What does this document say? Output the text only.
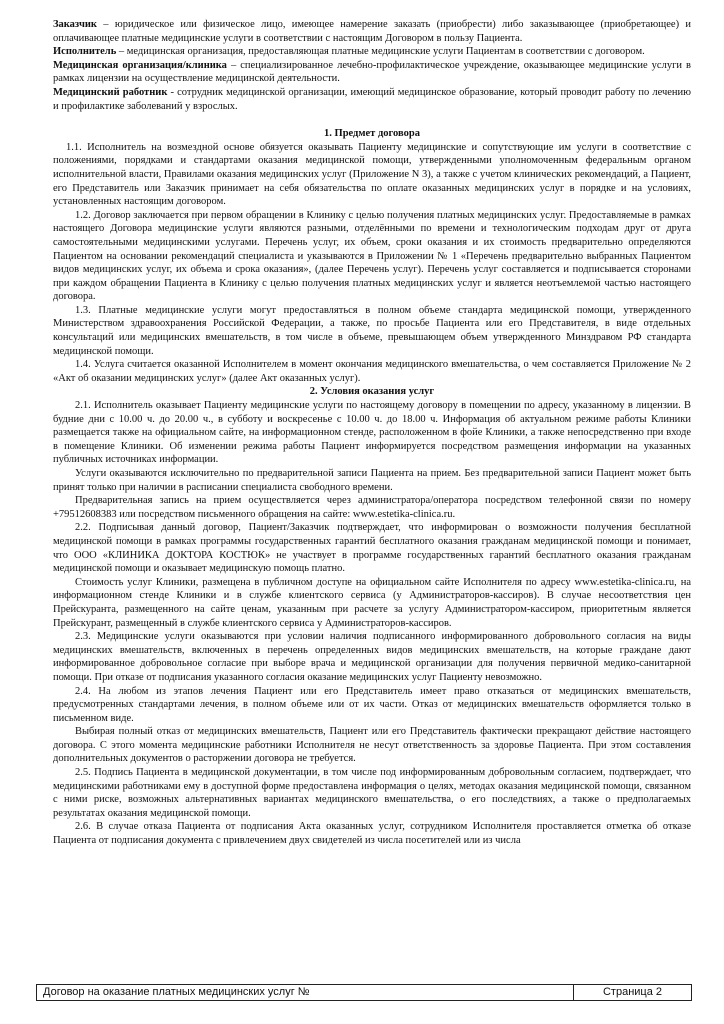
Заказчик – юридическое или физическое лицо, имеющее намерение заказать (приобрести) либо заказывающее (приобретающее) и оплачивающее платные медицинские услуги в соответствии с настоящим Договором в пользу Пациента.

Исполнитель – медицинская организация, предоставляющая платные медицинские услуги Пациентам в соответствии с договором.

Медицинская организация/клиника – специализированное лечебно-профилактическое учреждение, оказывающее медицинские услуги в рамках лицензии на осуществление медицинской деятельности.

Медицинский работник - сотрудник медицинской организации, имеющий медицинское образование, который проводит работу по лечению и профилактике заболеваний у взрослых.

1. Предмет договора

1.1. Исполнитель на возмездной основе обязуется оказывать Пациенту медицинские и сопутствующие им услуги в соответствие с положениями, порядками и стандартами оказания медицинской помощи, утвержденными уполномоченным федеральным органом исполнительной власти, Правилами оказания медицинских услуг (Приложение N 3), а также с учетом клинических рекомендаций, а Пациент, его Представитель или Заказчик принимает на себя обязательства по оплате оказанных медицинских услуг в порядке и на условиях, установленных настоящим договором.

1.2. Договор заключается при первом обращении в Клинику с целью получения платных медицинских услуг. Предоставляемые в рамках настоящего Договора медицинские услуги являются разными, отделёнными по времени и технологическим подходам друг от друга самостоятельными медицинскими услугами. Перечень услуг, их объем, сроки оказания и их стоимость предварительно определяются Пациентом на основании рекомендаций специалиста и указываются в Приложении № 1 «Перечень предварительно выбранных Пациентом видов медицинских услуг, их объема и срока оказания», (далее Перечень услуг). Перечень услуг составляется и подписывается сторонами при каждом обращении Пациента в Клинику с целью получения платных медицинских услуг и является неотъемлемой частью настоящего договора.

1.3. Платные медицинские услуги могут предоставляться в полном объеме стандарта медицинской помощи, утвержденного Министерством здравоохранения Российской Федерации, а также, по просьбе Пациента или его Представителя, в виде отдельных консультаций или медицинских вмешательств, в том числе в объеме, превышающем объем утвержденного Минздравом РФ стандарта медицинской помощи.

1.4. Услуга считается оказанной Исполнителем в момент окончания медицинского вмешательства, о чем составляется Приложение № 2 «Акт об оказании медицинских услуг» (далее Акт оказанных услуг).

2. Условия оказания услуг

2.1. Исполнитель оказывает Пациенту медицинские услуги по настоящему договору в помещении по адресу, указанному в лицензии. В будние дни с 10.00 ч. до 20.00 ч., в субботу и воскресенье с 10.00 ч. до 18.00 ч. Информация об актуальном режиме работы Клиники размещается также на официальном сайте, на информационном стенде, расположенном в фойе Клиники, а также непосредственно при входе в помещение Клиники. Об изменении режима работы Пациент информируется посредством размещения информации на указанных публичных источниках информации.

Услуги оказываются исключительно по предварительной записи Пациента на прием. Без предварительной записи Пациент может быть принят только при наличии в расписании специалиста свободного времени.

Предварительная запись на прием осуществляется через администратора/оператора посредством телефонной связи по номеру +79512608383 или посредством письменного обращения на сайте: www.estetika-clinica.ru.

2.2. Подписывая данный договор, Пациент/Заказчик подтверждает, что информирован о возможности получения бесплатной медицинской помощи в рамках программы государственных гарантий бесплатного оказания гражданам медицинской помощи и понимает, что ООО «КЛИНИКА ДОКТОРА КОСТЮК» не участвует в программе государственных гарантий бесплатного оказания гражданам медицинской помощи и оказывает медицинскую помощь платно.

Стоимость услуг Клиники, размещена в публичном доступе на официальном сайте Исполнителя по адресу www.estetika-clinica.ru, на информационном стенде Клиники и в службе клиентского сервиса (у Администраторов-кассиров). В случае несоответствия цен Прейскуранта, размещенного на сайте ценам, указанным при расчете за услугу Администратором-кассиром, приоритетным является Прейскурант, размещенный в службе клиентского сервиса у Администраторов-кассиров.

2.3. Медицинские услуги оказываются при условии наличия подписанного информированного добровольного согласия на виды медицинских вмешательств, включенных в перечень определенных видов медицинских вмешательств, на которые граждане дают информированное добровольное согласие при выборе врача и медицинской организации для получения первичной медико-санитарной помощи. При отказе от подписания указанного согласия оказание медицинских услуг Пациенту невозможно.

2.4. На любом из этапов лечения Пациент или его Представитель имеет право отказаться от медицинских вмешательств, предусмотренных стандартами лечения, в полном объеме или от их части. Отказ от медицинских вмешательств оформляется только в письменном виде.

Выбирая полный отказ от медицинских вмешательств, Пациент или его Представитель фактически прекращают действие настоящего договора. С этого момента медицинские работники Исполнителя не несут ответственность за здоровье Пациента. При этом составления дополнительных документов о расторжении договора не требуется.

2.5. Подпись Пациента в медицинской документации, в том числе под информированным добровольным согласием, подтверждает, что медицинскими работниками ему в доступной форме предоставлена информация о целях, методах оказания медицинской помощи, связанном с ними риске, возможных альтернативных вариантах медицинского вмешательства, о его последствиях, а также о предполагаемых результатах оказания медицинской помощи.

2.6. В случае отказа Пациента от подписания Акта оказанных услуг, сотрудником Исполнителя проставляется отметка об отказе Пациента от подписания документа с привлечением двух свидетелей из числа посетителей или из числа

Договор на оказание платных медицинских услуг №	Страница 2
